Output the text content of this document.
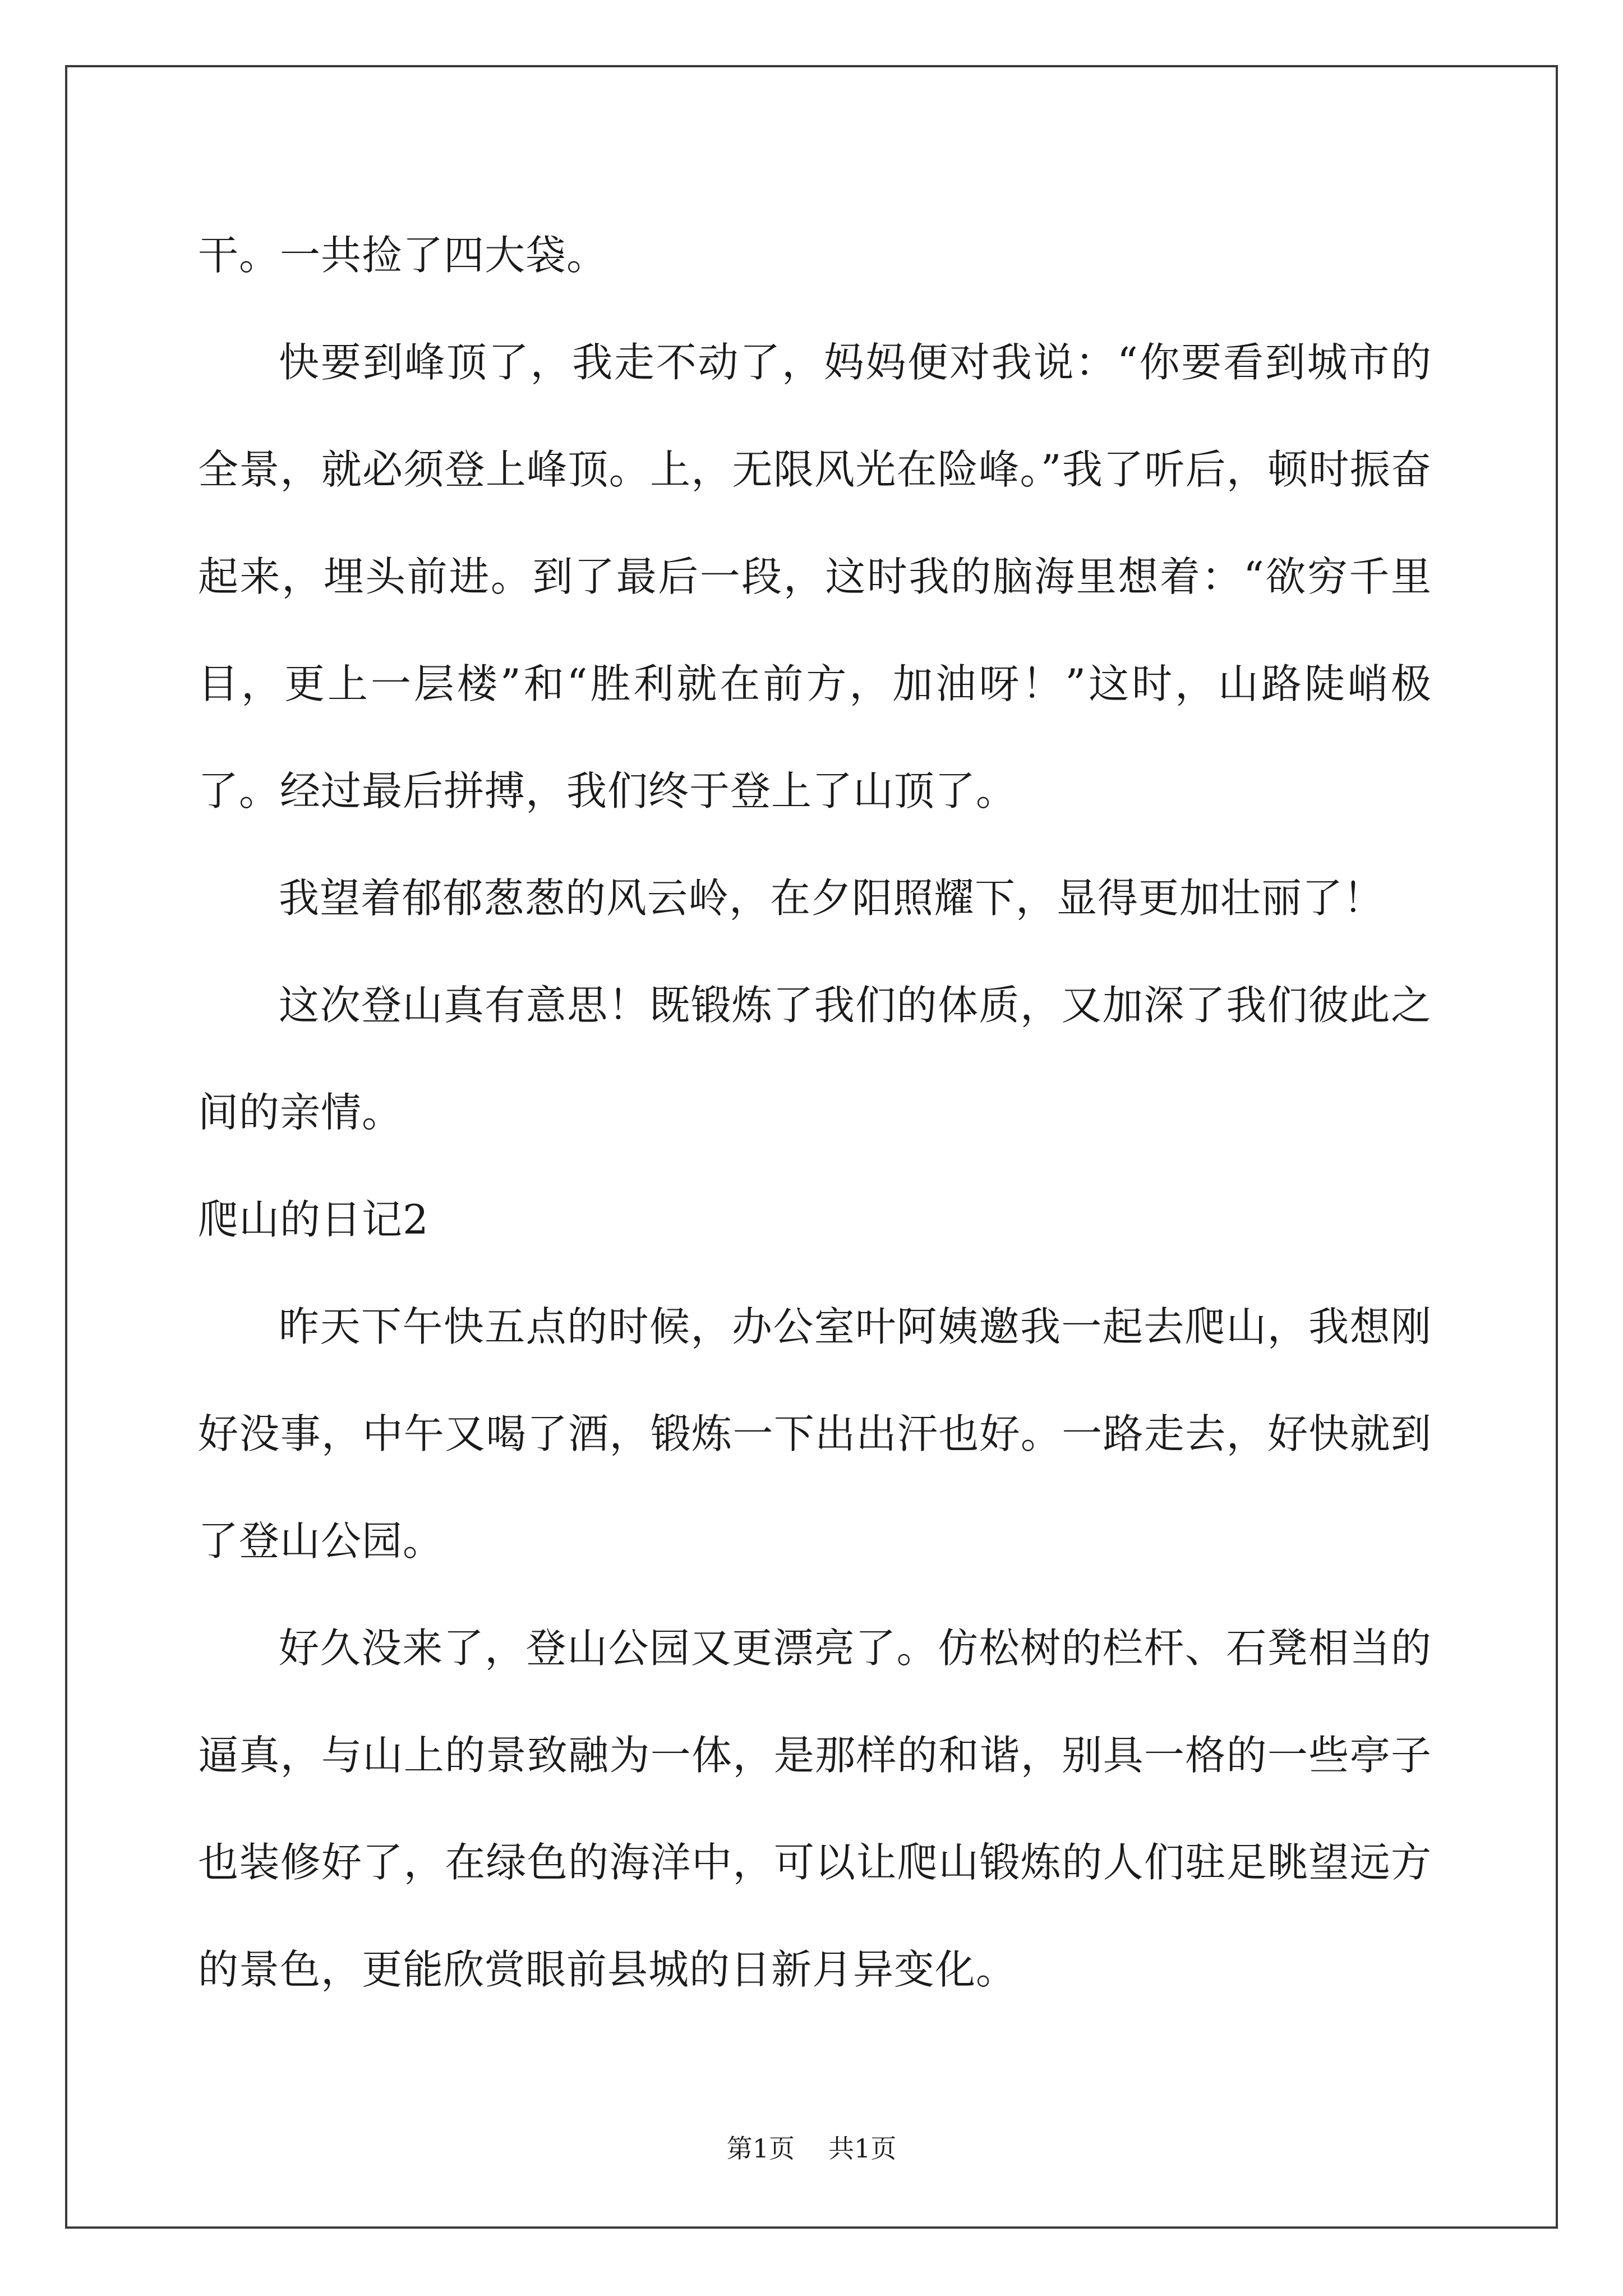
干。一共捡了四大袋。

快要到峰顶了，我走不动了，妈妈便对我说：“你要看到城市的全景，就必须登上峰顶。上，无限风光在险峰。”我了听后，顿时振奋起来，埋头前进。到了最后一段，这时我的脑海里想着：“欲穷千里目，更上一层楼”和“胜利就在前方，加油呀！”这时，山路陡峭极了。经过最后拼搏，我们终于登上了山顶了。

我望着郁郁葱葱的风云岭，在夕阳照耀下，显得更加壮丽了！

这次登山真有意思！既锻炼了我们的体质，又加深了我们彼此之间的亲情。

爬山的日记2

昨天下午快五点的时候，办公室叶阿姨邀我一起去爬山，我想刚好没事，中午又喝了酒，锻炼一下出出汗也好。一路走去，好快就到了登山公园。

好久没来了，登山公园又更漂亮了。仿松树的栏杆、石凳相当的逼真，与山上的景致融为一体，是那样的和谐，别具一格的一些亭子也装修好了，在绿色的海洋中，可以让爬山锻炼的人们驻足眺望远方的景色，更能欣赏眼前县城的日新月异变化。

第1页 共1页
